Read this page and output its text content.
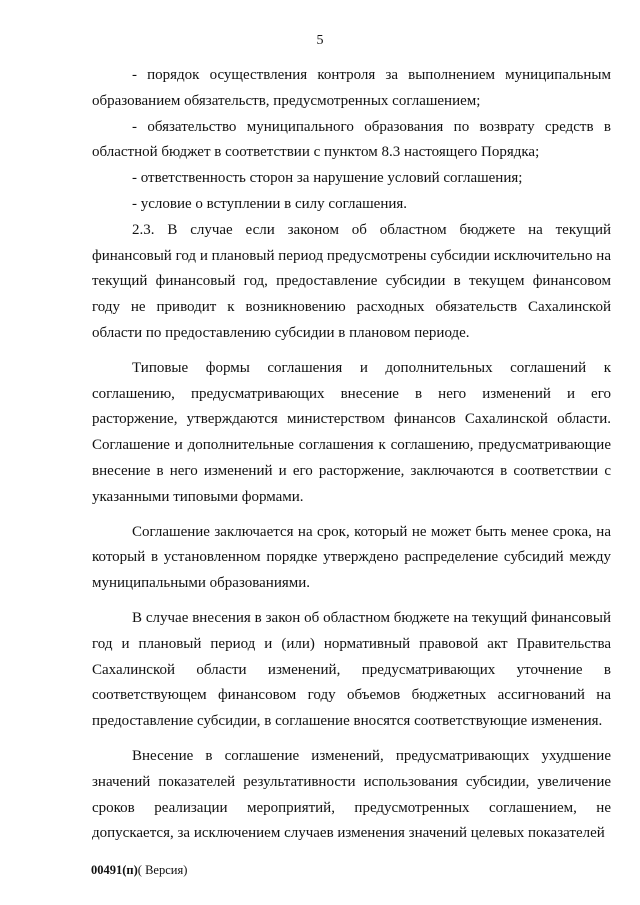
5

- порядок осуществления контроля за выполнением муниципальным образованием обязательств, предусмотренных соглашением;

- обязательство муниципального образования по возврату средств в областной бюджет в соответствии с пунктом 8.3 настоящего Порядка;

- ответственность сторон за нарушение условий соглашения;

- условие о вступлении в силу соглашения.

2.3. В случае если законом об областном бюджете на текущий финансовый год и плановый период предусмотрены субсидии исключительно на текущий финансовый год, предоставление субсидии в текущем финансовом году не приводит к возникновению расходных обязательств Сахалинской области по предоставлению субсидии в плановом периоде.

Типовые формы соглашения и дополнительных соглашений к соглашению, предусматривающих внесение в него изменений и его расторжение, утверждаются министерством финансов Сахалинской области. Соглашение и дополнительные соглашения к соглашению, предусматривающие внесение в него изменений и его расторжение, заключаются в соответствии с указанными типовыми формами.

Соглашение заключается на срок, который не может быть менее срока, на который в установленном порядке утверждено распределение субсидий между муниципальными образованиями.

В случае внесения в закон об областном бюджете на текущий финансовый год и плановый период и (или) нормативный правовой акт Правительства Сахалинской области изменений, предусматривающих уточнение в соответствующем финансовом году объемов бюджетных ассигнований на предоставление субсидии, в соглашение вносятся соответствующие изменения.

Внесение в соглашение изменений, предусматривающих ухудшение значений показателей результативности использования субсидии, увеличение сроков реализации мероприятий, предусмотренных соглашением, не допускается, за исключением случаев изменения значений целевых показателей

00491(п)( Версия)
